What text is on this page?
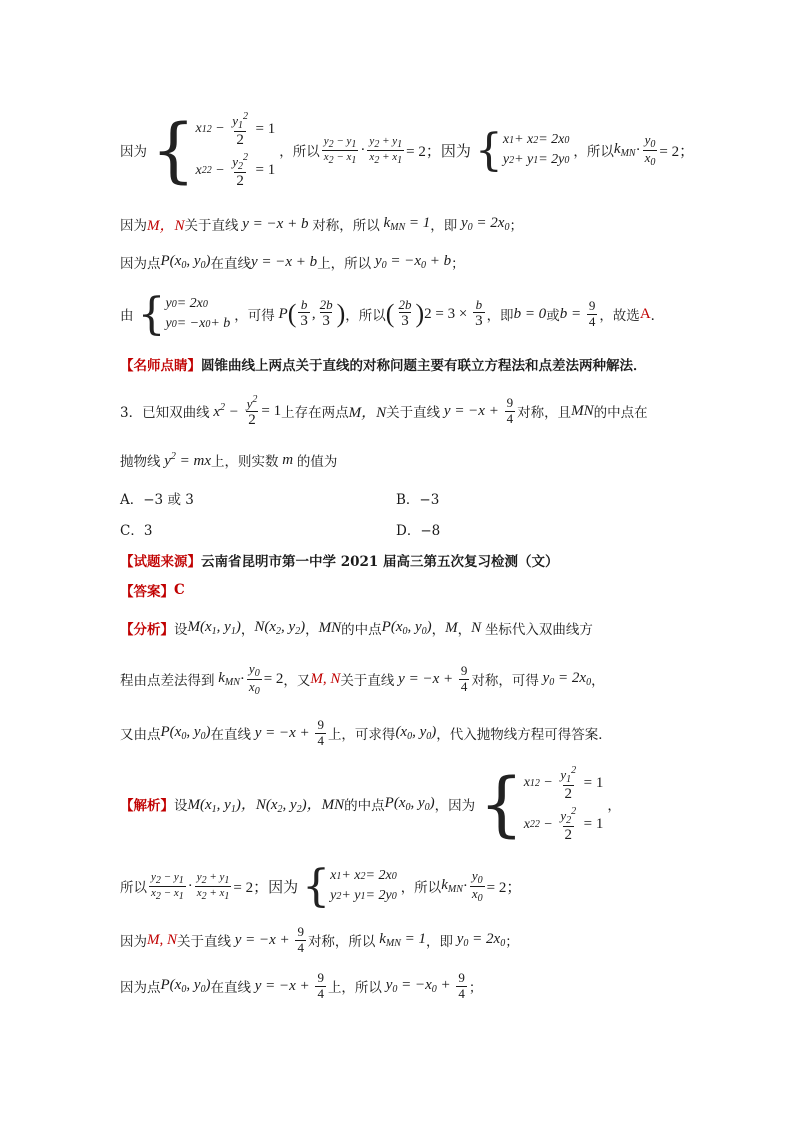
因为 { x 1 $2 - \frac{y_1^2}{2}$
= 1
x 2 $2 - \frac{y_2^2}{2}$
= 1
，所以 $\frac{y_2 - y_1}{x_2 - x_1} \cdot \frac{y_2 + y_1}{x_2 + x_1} = 2$；因为 { x 1 + x 2 = 2x 0
y 2 + y 1 = 2y 0 ，所以 $k_{MN} \cdot \frac{y_0}{x_0} = 2$；
因为 M，N 关于直线 y = −x + b 对称，所以 $k_{MN} = 1$ ，即 $y_0 = 2x_0$ ；
因为点 $P(x_0$, $y_0$) 在直线 y = −x + b 上，所以 $y_0 = -x_0 + b$ ；
由 { y 0 = 2x 0
y 0 = −x 0 + b ，可得 P ( $\frac{b}{3}$ , $\frac{2b}{3}$ ) ，所以 ( $\frac{2b}{3}$ ) $2 = 3 \times \frac{b}{3}$ ，即 b = 0 或 $b = \frac{9}{4}$ ，故选 A ．
【名师点睛】 圆锥曲线上两点关于直线的对称问题主要有联立方程法和点差法两种解法．
3．已知双曲线 $x^2 - \frac{y^2}{2} = 1$ 上存在两点 M，N 关于直线 $y = -x + \frac{9}{4}$ 对称，且 MN 的中点在
抛物线 $y^2$ = mx 上，则实数 m 的值为
A．−3 或 3	B．−3
C．3	D．−8
【试题来源】 云南省昆明市第一中学 2021 届高三第五次复习检测（文）
【答案】 C
【分析】 设 $M(x_1$, $y_1$) ， $N(x_2$, $y_2$) ， MN 的中点 $P(x_0$, $y_0$) ， M ， N 坐标代入双曲线方
程由点差法得到 $k_{MN} \cdot \frac{y_0}{x_0} = 2$ ，又 M, N 关于直线 $y = -x + \frac{9}{4}$ 对称，可得 $y_0 = 2x_0$ ，
又由点 $P(x_0$, $y_0$) 在直线 $y = -x + \frac{9}{4}$ 上，可求得 ($x_0$, $y_0$) ，代入抛物线方程可得答案．
【解析】 设 $M(x_1$, $y_1$)，$N(x_2$, $y_2$)，MN 的中点 $P(x_0$, $y_0$) ，因为 { x 1 $2 - \frac{y_1^2}{2}$
= 1
x 2 $2 - \frac{y_2^2}{2}$
= 1
，
所以 $\frac{y_2 - y_1}{x_2 - x_1} \cdot \frac{y_2 + y_1}{x_2 + x_1} = 2$；因为 { x 1 + x 2 = 2x 0
y 2 + y 1 = 2y 0 ，所以 $k_{MN} \cdot \frac{y_0}{x_0} = 2$；
因为 M, N 关于直线 $y = -x + \frac{9}{4}$ 对称，所以 $k_{MN} = 1$ ，即 $y_0 = 2x_0$ ；
因为点 $P(x_0$, $y_0$) 在直线 $y = -x + \frac{9}{4}$ 上，所以 $y_0 = -x_0 + \frac{9}{4}$ ；
